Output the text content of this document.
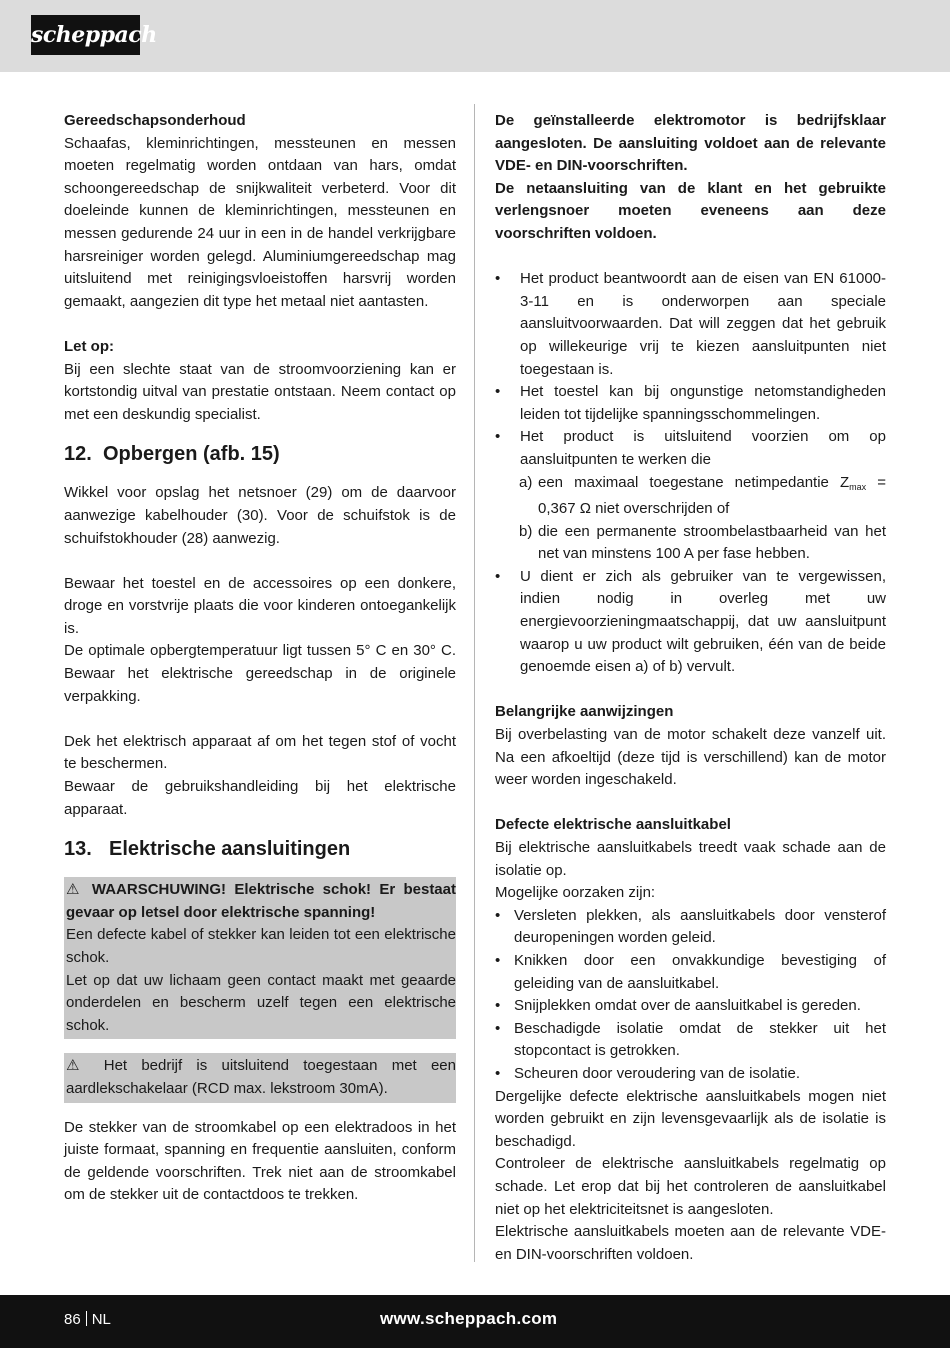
scheppach

Gereedschapsonderhoud

Schaafas, kleminrichtingen, messteunen en messen moeten regelmatig worden ontdaan van hars, omdat schoongereedschap de snijkwaliteit verbeterd. Voor dit doeleinde kunnen de kleminrichtingen, messteunen en messen gedurende 24 uur in een in de handel verkrijgbare harsreiniger worden gelegd. Aluminiumgereedschap mag uitsluitend met reinigingsvloeistoffen harsvrij worden gemaakt, aangezien dit type het metaal niet aantasten.

Let op:

Bij een slechte staat van de stroomvoorziening kan er kortstondig uitval van prestatie ontstaan. Neem contact op met een deskundig specialist.

12. Opbergen (afb. 15)

Wikkel voor opslag het netsnoer (29) om de daarvoor aanwezige kabelhouder (30). Voor de schuifstok is de schuifstokhouder (28) aanwezig.

Bewaar het toestel en de accessoires op een donkere, droge en vorstvrije plaats die voor kinderen ontoegankelijk is.

De optimale opbergtemperatuur ligt tussen 5° C en 30° C. Bewaar het elektrische gereedschap in de originele verpakking.

Dek het elektrisch apparaat af om het tegen stof of vocht te beschermen.

Bewaar de gebruikshandleiding bij het elektrische apparaat.

13. Elektrische aansluitingen

⚠ WAARSCHUWING! Elektrische schok! Er bestaat gevaar op letsel door elektrische spanning!

Een defecte kabel of stekker kan leiden tot een elektrische schok.

Let op dat uw lichaam geen contact maakt met geaarde onderdelen en bescherm uzelf tegen een elektrische schok.

⚠ Het bedrijf is uitsluitend toegestaan met een aardlekschakelaar (RCD max. lekstroom 30mA).

De stekker van de stroomkabel op een elektradoos in het juiste formaat, spanning en frequentie aansluiten, conform de geldende voorschriften. Trek niet aan de stroomkabel om de stekker uit de contactdoos te trekken.

De geïnstalleerde elektromotor is bedrijfsklaar aangesloten. De aansluiting voldoet aan de relevante VDE- en DIN-voorschriften.

De netaansluiting van de klant en het gebruikte verlengsnoer moeten eveneens aan deze voorschriften voldoen.

• Het product beantwoordt aan de eisen van EN 61000-3-11 en is onderworpen aan speciale aansluitvoorwaarden. Dat will zeggen dat het gebruik op willekeurige vrij te kiezen aansluitpunten niet toegestaan is.
• Het toestel kan bij ongunstige netomstandigheden leiden tot tijdelijke spanningsschommelingen.
• Het product is uitsluitend voorzien om op aansluitpunten te werken die
a) een maximaal toegestane netimpedantie $Z_{max} = 0,367$ Ω niet overschrijden of
b) die een permanente stroombelastbaarheid van het net van minstens 100 A per fase hebben.
• U dient er zich als gebruiker van te vergewissen, indien nodig in overleg met uw energievoorzieningmaatschappij, dat uw aansluitpunt waarop u uw product wilt gebruiken, één van de beide genoemde eisen a) of b) vervult.

Belangrijke aanwijzingen

Bij overbelasting van de motor schakelt deze vanzelf uit. Na een afkoeltijd (deze tijd is verschillend) kan de motor weer worden ingeschakeld.

Defecte elektrische aansluitkabel

Bij elektrische aansluitkabels treedt vaak schade aan de isolatie op.

Mogelijke oorzaken zijn:

• Versleten plekken, als aansluitkabels door vensterof deuropeningen worden geleid.
• Knikken door een onvakkundige bevestiging of geleiding van de aansluitkabel.
• Snijplekken omdat over de aansluitkabel is gereden.
• Beschadigde isolatie omdat de stekker uit het stopcontact is getrokken.
• Scheuren door veroudering van de isolatie.

Dergelijke defecte elektrische aansluitkabels mogen niet worden gebruikt en zijn levensgevaarlijk als de isolatie is beschadigd.

Controleer de elektrische aansluitkabels regelmatig op schade. Let erop dat bij het controleren de aansluitkabel niet op het elektriciteitsnet is aangesloten.

Elektrische aansluitkabels moeten aan de relevante VDE- en DIN-voorschriften voldoen.

86 NL	www.scheppach.com
